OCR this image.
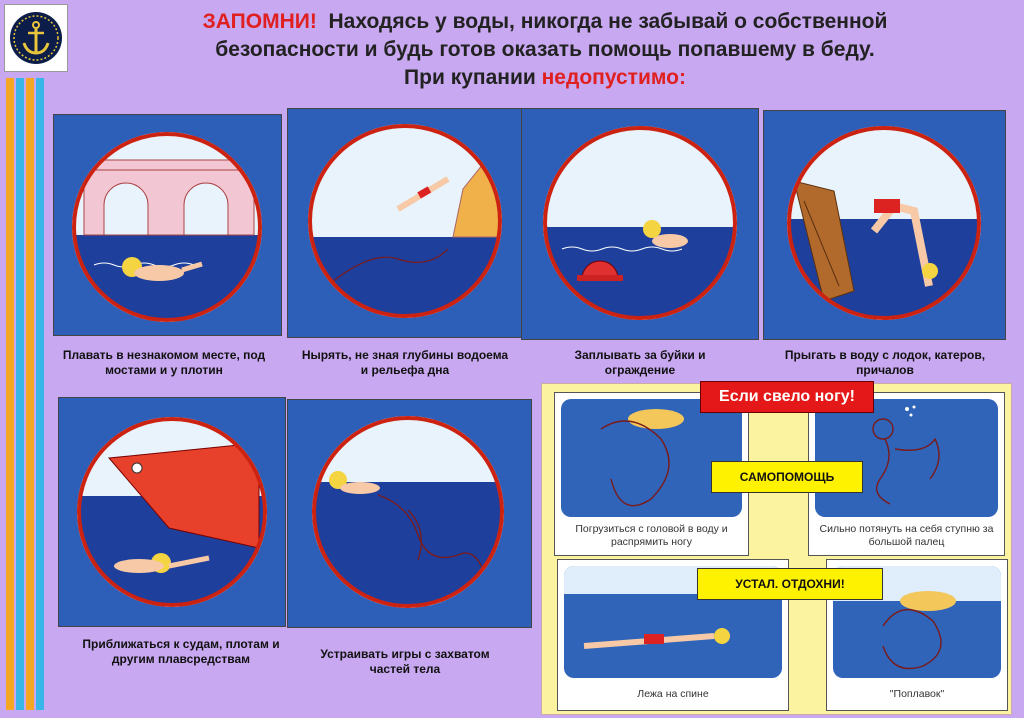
ЗАПОМНИ! Находясь у воды, никогда не забывай о собственной
безопасности и будь готов оказать помощь попавшему в беду.
При купании недопустимо:
Плавать в незнакомом месте, под мостами и у плотин
Нырять, не зная глубины водоема и рельефа дна
Заплывать за буйки и ограждение
Прыгать в воду с лодок, катеров, причалов
Приближаться к судам, плотам и другим плавсредствам	Устраивать игры с захватом частей тела
Погрузиться с головой в воду и распрямить ногу
Сильно потянуть на себя ступню за большой палец
Лежа на спине	"Поплавок"
Если свело ногу!
САМОПОМОЩЬ
УСТАЛ. ОТДОХНИ!
